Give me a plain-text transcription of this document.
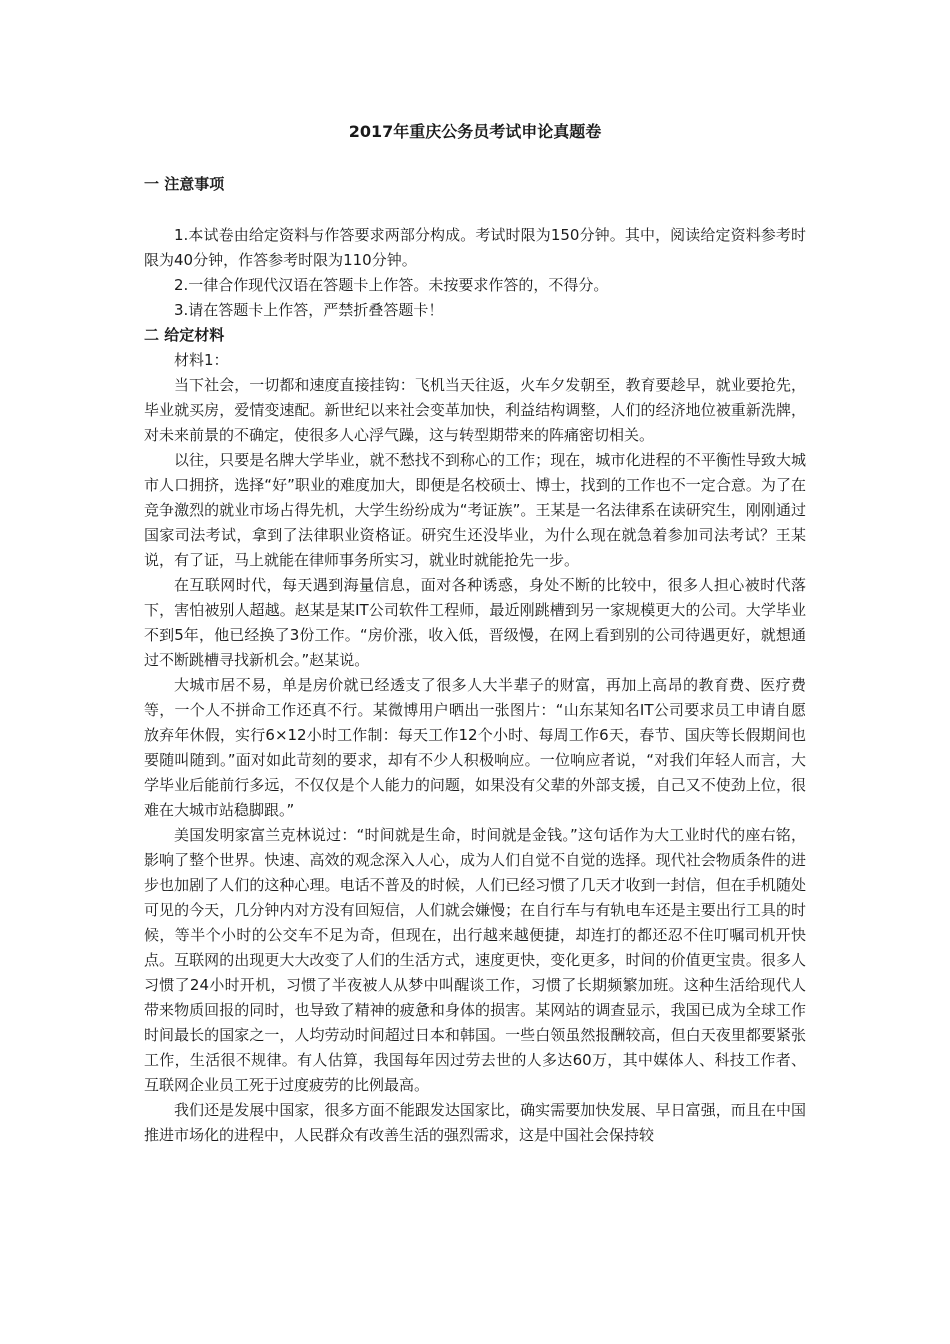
2017年重庆公务员考试申论真题卷
一 注意事项

1.本试卷由给定资料与作答要求两部分构成。考试时限为150分钟。其中，阅读给定资料参考时限为40分钟，作答参考时限为110分钟。

2.一律合作现代汉语在答题卡上作答。未按要求作答的，不得分。

3.请在答题卡上作答，严禁折叠答题卡！

二 给定材料

材料1：

当下社会，一切都和速度直接挂钩：飞机当天往返，火车夕发朝至，教育要趁早，就业要抢先，毕业就买房，爱情变速配。新世纪以来社会变革加快，利益结构调整，人们的经济地位被重新洗牌，对未来前景的不确定，使很多人心浮气躁，这与转型期带来的阵痛密切相关。

以往，只要是名牌大学毕业，就不愁找不到称心的工作；现在，城市化进程的不平衡性导致大城市人口拥挤，选择“好”职业的难度加大，即便是名校硕士、博士，找到的工作也不一定合意。为了在竞争激烈的就业市场占得先机，大学生纷纷成为“考证族”。王某是一名法律系在读研究生，刚刚通过国家司法考试，拿到了法律职业资格证。研究生还没毕业，为什么现在就急着参加司法考试？王某说，有了证，马上就能在律师事务所实习，就业时就能抢先一步。

在互联网时代，每天遇到海量信息，面对各种诱惑，身处不断的比较中，很多人担心被时代落下，害怕被别人超越。赵某是某IT公司软件工程师，最近刚跳槽到另一家规模更大的公司。大学毕业不到5年，他已经换了3份工作。“房价涨，收入低，晋级慢，在网上看到别的公司待遇更好，就想通过不断跳槽寻找新机会。”赵某说。

大城市居不易，单是房价就已经透支了很多人大半辈子的财富，再加上高昂的教育费、医疗费等，一个人不拼命工作还真不行。某微博用户晒出一张图片：“山东某知名IT公司要求员工申请自愿放弃年休假，实行6×12小时工作制：每天工作12个小时、每周工作6天，春节、国庆等长假期间也要随叫随到。”面对如此苛刻的要求，却有不少人积极响应。一位响应者说，“对我们年轻人而言，大学毕业后能前行多远，不仅仅是个人能力的问题，如果没有父辈的外部支援，自己又不使劲上位，很难在大城市站稳脚跟。”

美国发明家富兰克林说过：“时间就是生命，时间就是金钱。”这句话作为大工业时代的座右铭，影响了整个世界。快速、高效的观念深入人心，成为人们自觉不自觉的选择。现代社会物质条件的进步也加剧了人们的这种心理。电话不普及的时候，人们已经习惯了几天才收到一封信，但在手机随处可见的今天，几分钟内对方没有回短信，人们就会嫌慢；在自行车与有轨电车还是主要出行工具的时候，等半个小时的公交车不足为奇，但现在，出行越来越便捷，却连打的都还忍不住叮嘱司机开快点。互联网的出现更大大改变了人们的生活方式，速度更快，变化更多，时间的价值更宝贵。很多人习惯了24小时开机，习惯了半夜被人从梦中叫醒谈工作，习惯了长期频繁加班。这种生活给现代人带来物质回报的同时，也导致了精神的疲惫和身体的损害。某网站的调查显示，我国已成为全球工作时间最长的国家之一，人均劳动时间超过日本和韩国。一些白领虽然报酬较高，但白天夜里都要紧张工作，生活很不规律。有人估算，我国每年因过劳去世的人多达60万，其中媒体人、科技工作者、互联网企业员工死于过度疲劳的比例最高。

我们还是发展中国家，很多方面不能跟发达国家比，确实需要加快发展、早日富强，而且在中国推进市场化的进程中，人民群众有改善生活的强烈需求，这是中国社会保持较
